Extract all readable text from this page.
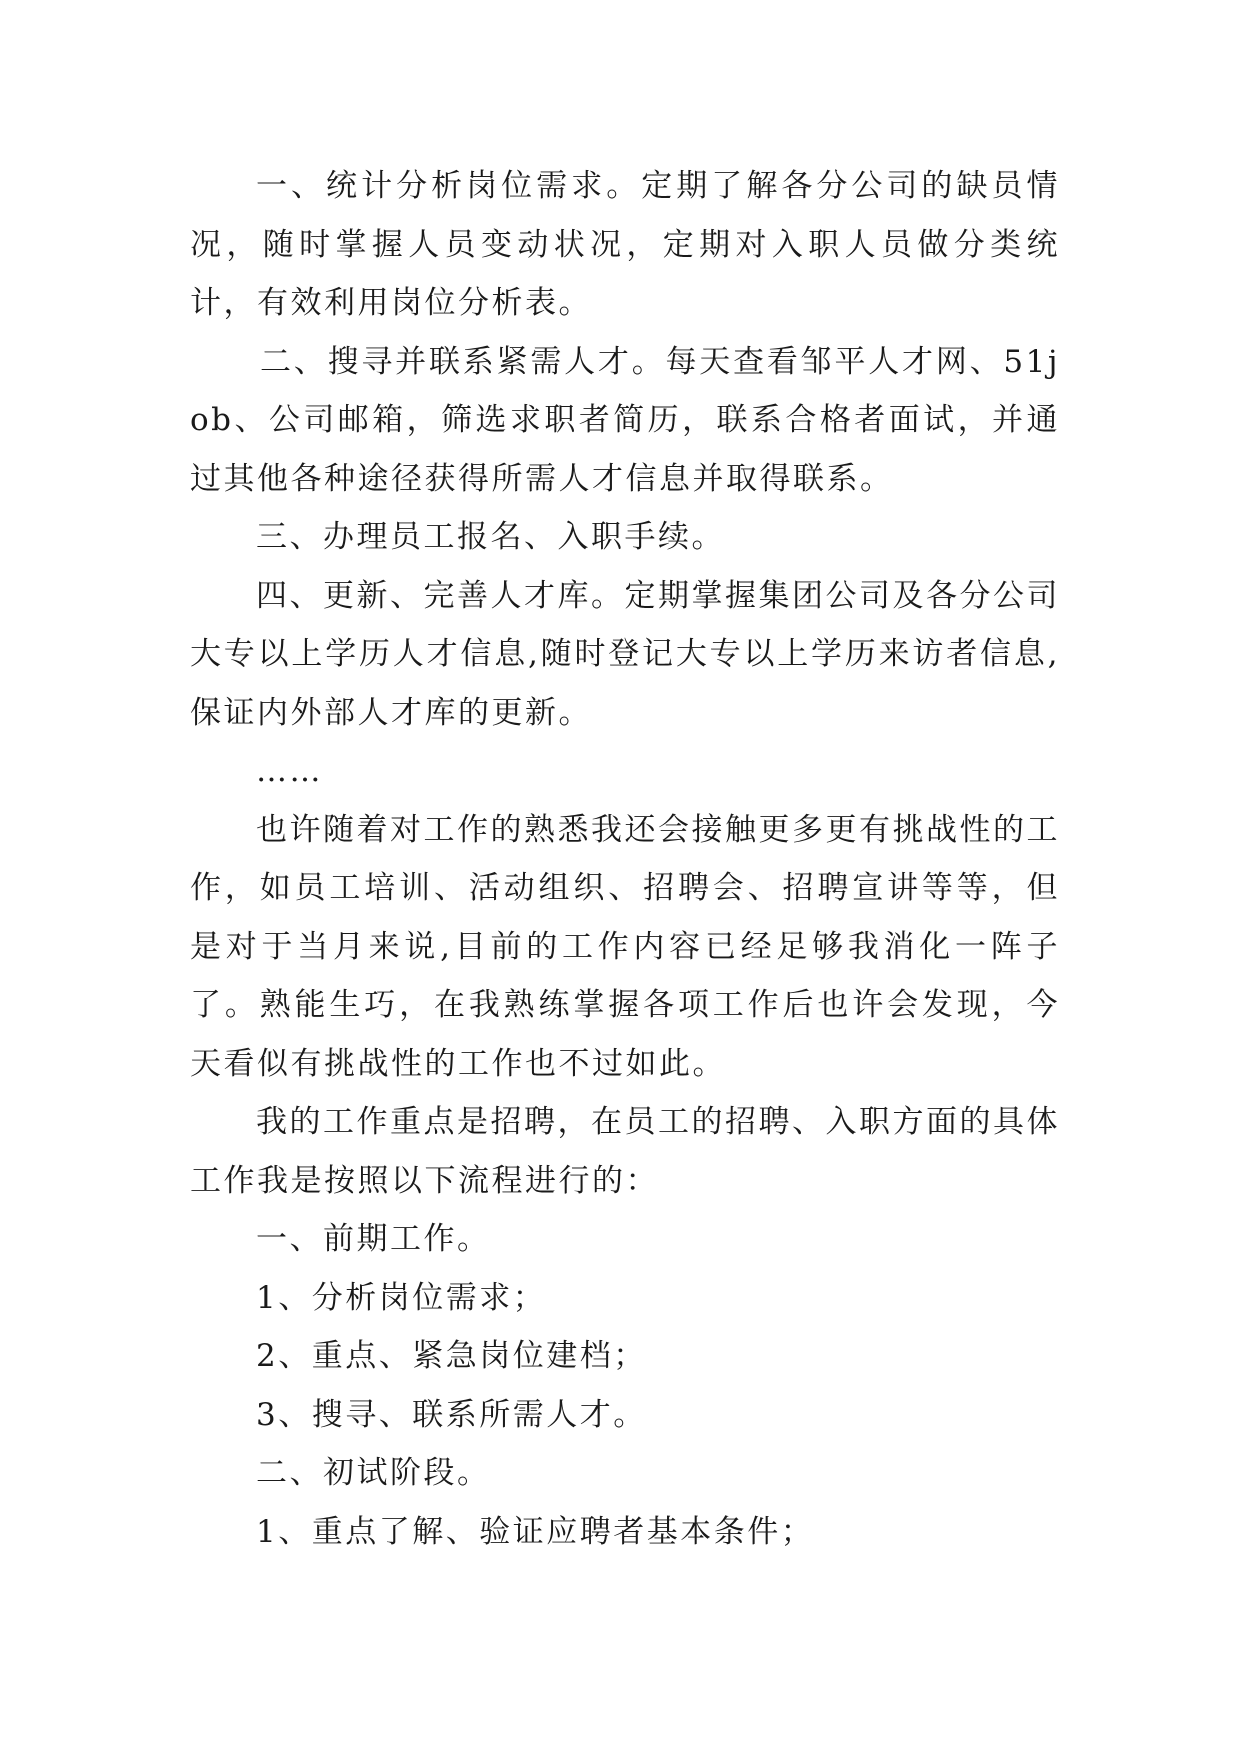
一、统计分析岗位需求。定期了解各分公司的缺员情况，随时掌握人员变动状况，定期对入职人员做分类统计，有效利用岗位分析表。

二、搜寻并联系紧需人才。每天查看邹平人才网、51job、公司邮箱，筛选求职者简历，联系合格者面试，并通过其他各种途径获得所需人才信息并取得联系。

三、办理员工报名、入职手续。

四、更新、完善人才库。定期掌握集团公司及各分公司大专以上学历人才信息,随时登记大专以上学历来访者信息,保证内外部人才库的更新。

……

也许随着对工作的熟悉我还会接触更多更有挑战性的工作，如员工培训、活动组织、招聘会、招聘宣讲等等，但是对于当月来说,目前的工作内容已经足够我消化一阵子了。熟能生巧，在我熟练掌握各项工作后也许会发现，今天看似有挑战性的工作也不过如此。

我的工作重点是招聘，在员工的招聘、入职方面的具体工作我是按照以下流程进行的：

一、前期工作。

1、分析岗位需求；

2、重点、紧急岗位建档；

3、搜寻、联系所需人才。

二、初试阶段。

1、重点了解、验证应聘者基本条件；
